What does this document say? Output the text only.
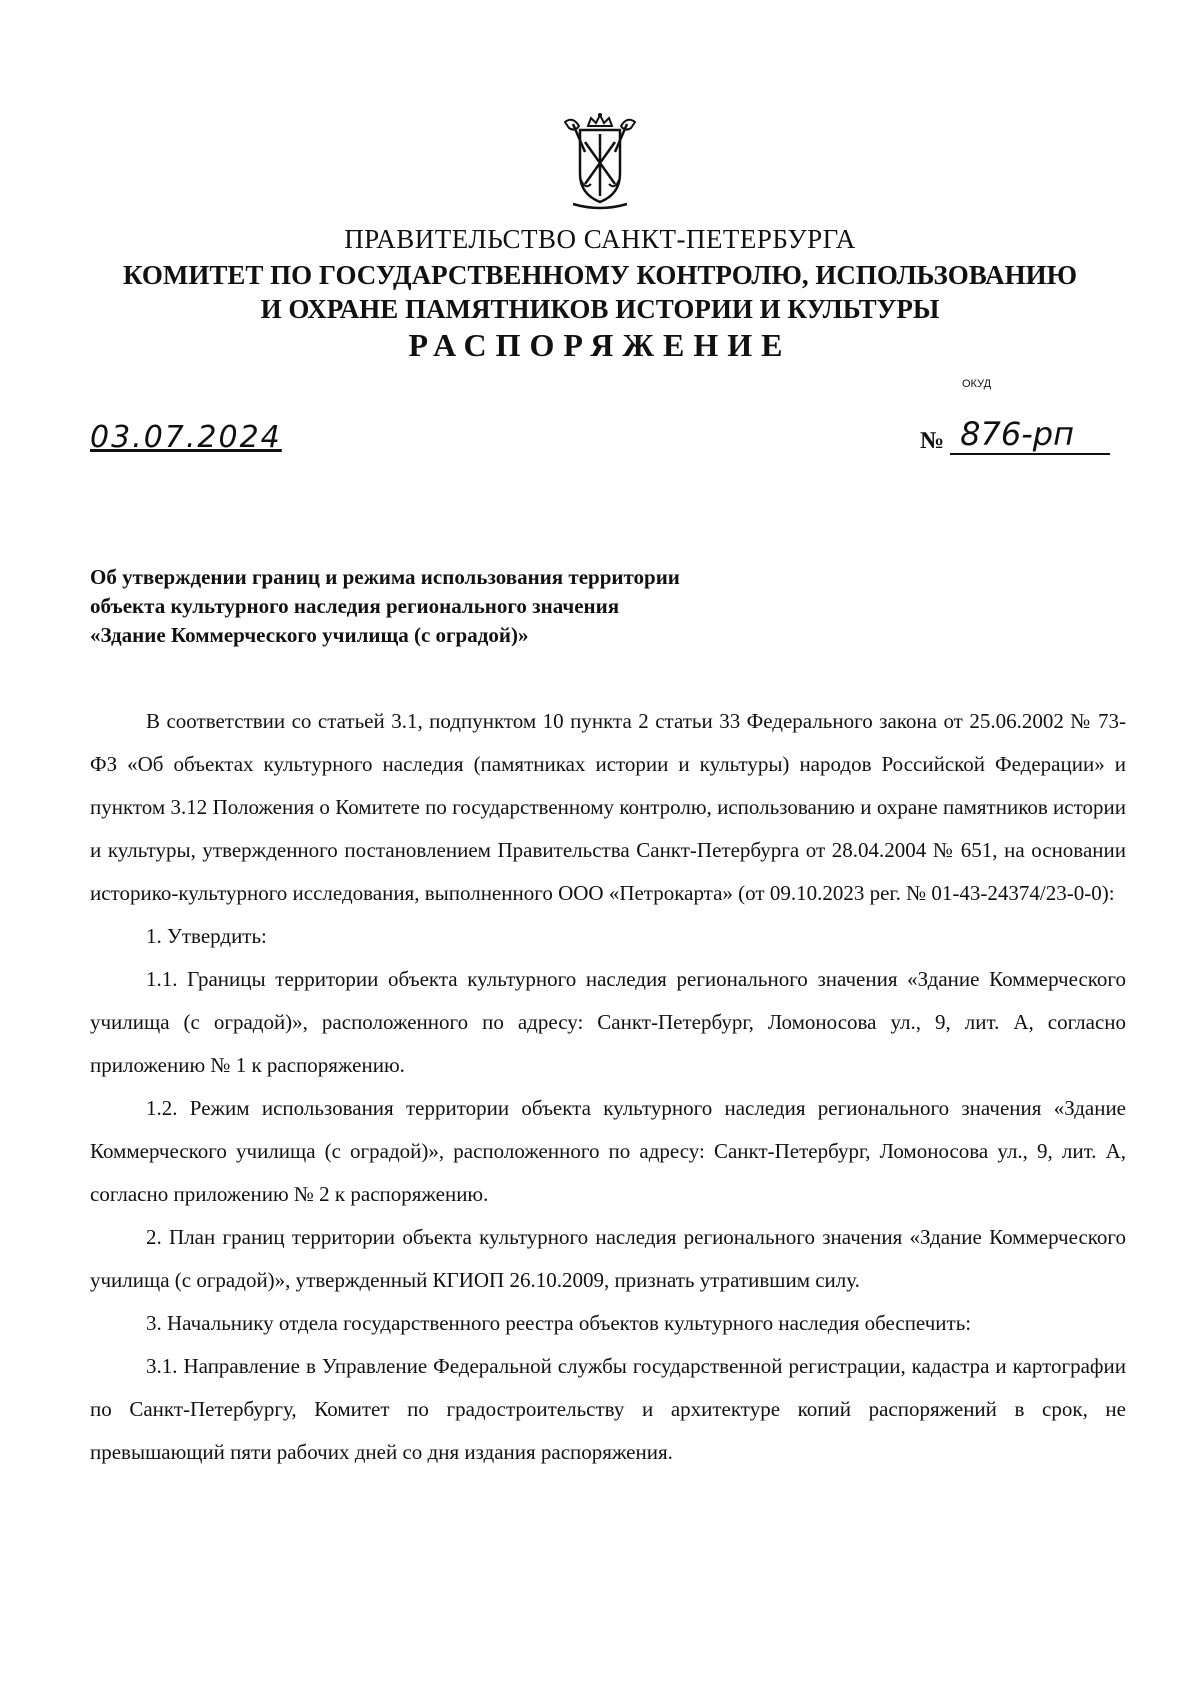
ПРАВИТЕЛЬСТВО САНКТ-ПЕТЕРБУРГА
КОМИТЕТ ПО ГОСУДАРСТВЕННОМУ КОНТРОЛЮ, ИСПОЛЬЗОВАНИЮ
И ОХРАНЕ ПАМЯТНИКОВ ИСТОРИИ И КУЛЬТУРЫ
РАСПОРЯЖЕНИЕ
ОКУД
03.07.2024	№ 876-рп
Об утверждении границ и режима использования территории
объекта культурного наследия регионального значения
«Здание Коммерческого училища (с оградой)»

В соответствии со статьей 3.1, подпунктом 10 пункта 2 статьи 33 Федерального закона от 25.06.2002 № 73-ФЗ «Об объектах культурного наследия (памятниках истории и культуры) народов Российской Федерации» и пунктом 3.12 Положения о Комитете по государственному контролю, использованию и охране памятников истории и культуры, утвержденного постановлением Правительства Санкт-Петербурга от 28.04.2004 № 651, на основании историко-культурного исследования, выполненного ООО «Петрокарта» (от 09.10.2023 рег. № 01-43-24374/23-0-0):

1. Утвердить:

1.1. Границы территории объекта культурного наследия регионального значения «Здание Коммерческого училища (с оградой)», расположенного по адресу: Санкт-Петербург, Ломоносова ул., 9, лит. А, согласно приложению № 1 к распоряжению.

1.2. Режим использования территории объекта культурного наследия регионального значения «Здание Коммерческого училища (с оградой)», расположенного по адресу: Санкт-Петербург, Ломоносова ул., 9, лит. А, согласно приложению № 2 к распоряжению.

2. План границ территории объекта культурного наследия регионального значения «Здание Коммерческого училища (с оградой)», утвержденный КГИОП 26.10.2009, признать утратившим силу.

3. Начальнику отдела государственного реестра объектов культурного наследия обеспечить:

3.1. Направление в Управление Федеральной службы государственной регистрации, кадастра и картографии по Санкт-Петербургу, Комитет по градостроительству и архитектуре копий распоряжений в срок, не превышающий пяти рабочих дней со дня издания распоряжения.
